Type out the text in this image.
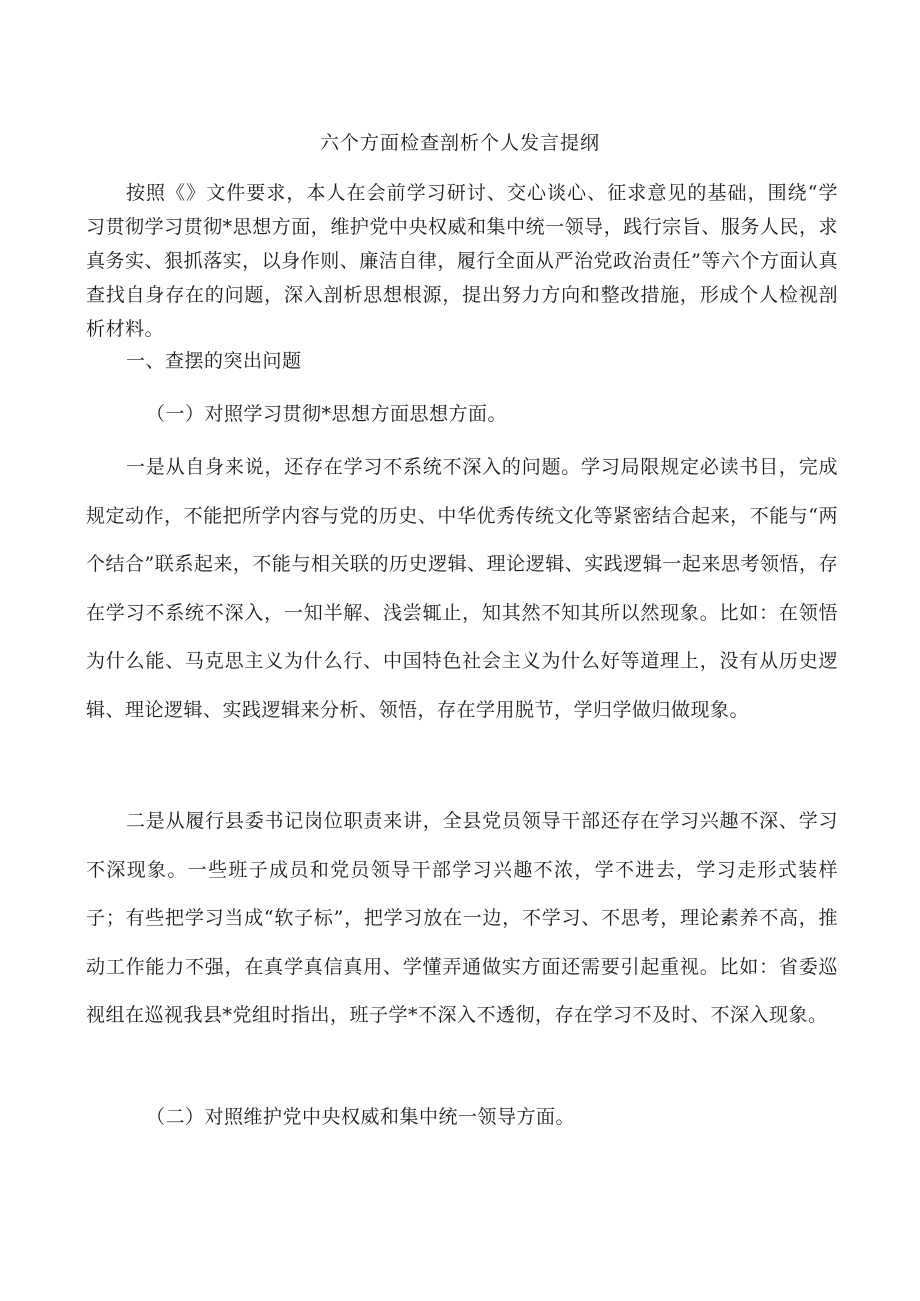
六个方面检查剖析个人发言提纲

按照《》文件要求，本人在会前学习研讨、交心谈心、征求意见的基础，围绕“学习贯彻学习贯彻*思想方面，维护党中央权威和集中统一领导，践行宗旨、服务人民，求真务实、狠抓落实，以身作则、廉洁自律，履行全面从严治党政治责任”等六个方面认真查找自身存在的问题，深入剖析思想根源，提出努力方向和整改措施，形成个人检视剖析材料。

一、查摆的突出问题
（一）对照学习贯彻*思想方面思想方面。

一是从自身来说，还存在学习不系统不深入的问题。学习局限规定必读书目，完成规定动作，不能把所学内容与党的历史、中华优秀传统文化等紧密结合起来，不能与“两个结合”联系起来，不能与相关联的历史逻辑、理论逻辑、实践逻辑一起来思考领悟，存在学习不系统不深入，一知半解、浅尝辄止，知其然不知其所以然现象。比如：在领悟为什么能、马克思主义为什么行、中国特色社会主义为什么好等道理上，没有从历史逻辑、理论逻辑、实践逻辑来分析、领悟，存在学用脱节，学归学做归做现象。

二是从履行县委书记岗位职责来讲，全县党员领导干部还存在学习兴趣不深、学习不深现象。一些班子成员和党员领导干部学习兴趣不浓，学不进去，学习走形式装样子；有些把学习当成“软子标”，把学习放在一边，不学习、不思考，理论素养不高，推动工作能力不强，在真学真信真用、学懂弄通做实方面还需要引起重视。比如：省委巡视组在巡视我县*党组时指出，班子学*不深入不透彻，存在学习不及时、不深入现象。

（二）对照维护党中央权威和集中统一领导方面。
